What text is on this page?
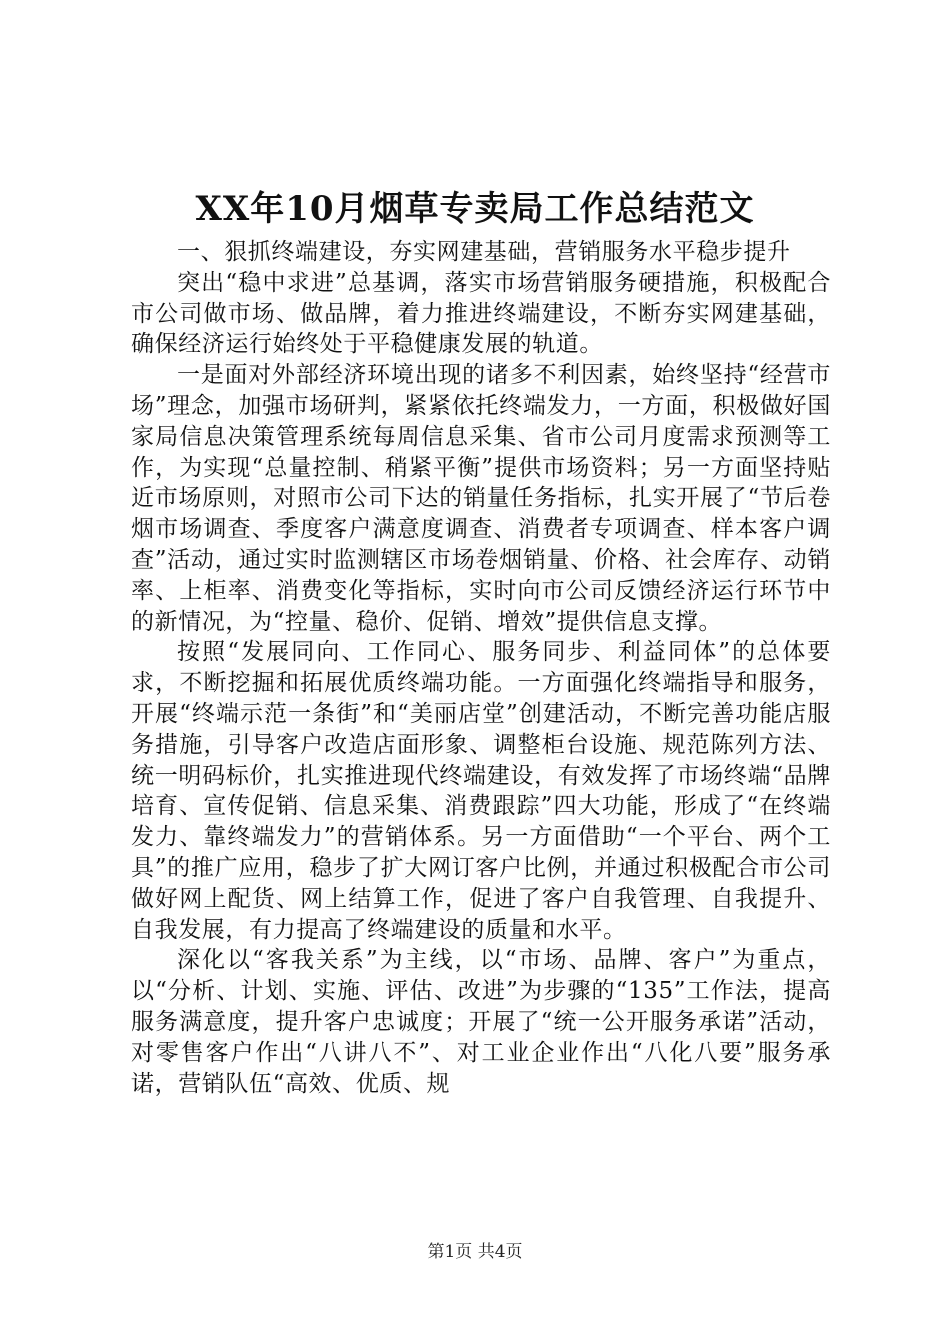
XX年10月烟草专卖局工作总结范文

一、狠抓终端建设，夯实网建基础，营销服务水平稳步提升

突出“稳中求进”总基调，落实市场营销服务硬措施，积极配合市公司做市场、做品牌，着力推进终端建设，不断夯实网建基础，确保经济运行始终处于平稳健康发展的轨道。

一是面对外部经济环境出现的诸多不利因素，始终坚持“经营市场”理念，加强市场研判，紧紧依托终端发力，一方面，积极做好国家局信息决策管理系统每周信息采集、省市公司月度需求预测等工作，为实现“总量控制、稍紧平衡”提供市场资料；另一方面坚持贴近市场原则，对照市公司下达的销量任务指标，扎实开展了“节后卷烟市场调查、季度客户满意度调查、消费者专项调查、样本客户调查”活动，通过实时监测辖区市场卷烟销量、价格、社会库存、动销率、上柜率、消费变化等指标，实时向市公司反馈经济运行环节中的新情况，为“控量、稳价、促销、增效”提供信息支撑。

按照“发展同向、工作同心、服务同步、利益同体”的总体要求，不断挖掘和拓展优质终端功能。一方面强化终端指导和服务，开展“终端示范一条街”和“美丽店堂”创建活动，不断完善功能店服务措施，引导客户改造店面形象、调整柜台设施、规范陈列方法、统一明码标价，扎实推进现代终端建设，有效发挥了市场终端“品牌培育、宣传促销、信息采集、消费跟踪”四大功能，形成了“在终端发力、靠终端发力”的营销体系。另一方面借助“一个平台、两个工具”的推广应用，稳步了扩大网订客户比例，并通过积极配合市公司做好网上配货、网上结算工作，促进了客户自我管理、自我提升、自我发展，有力提高了终端建设的质量和水平。

深化以“客我关系”为主线，以“市场、品牌、客户”为重点，以“分析、计划、实施、评估、改进”为步骤的“135”工作法，提高服务满意度，提升客户忠诚度；开展了“统一公开服务承诺”活动，对零售客户作出“八讲八不”、对工业企业作出“八化八要”服务承诺，营销队伍“高效、优质、规

第1页 共4页
